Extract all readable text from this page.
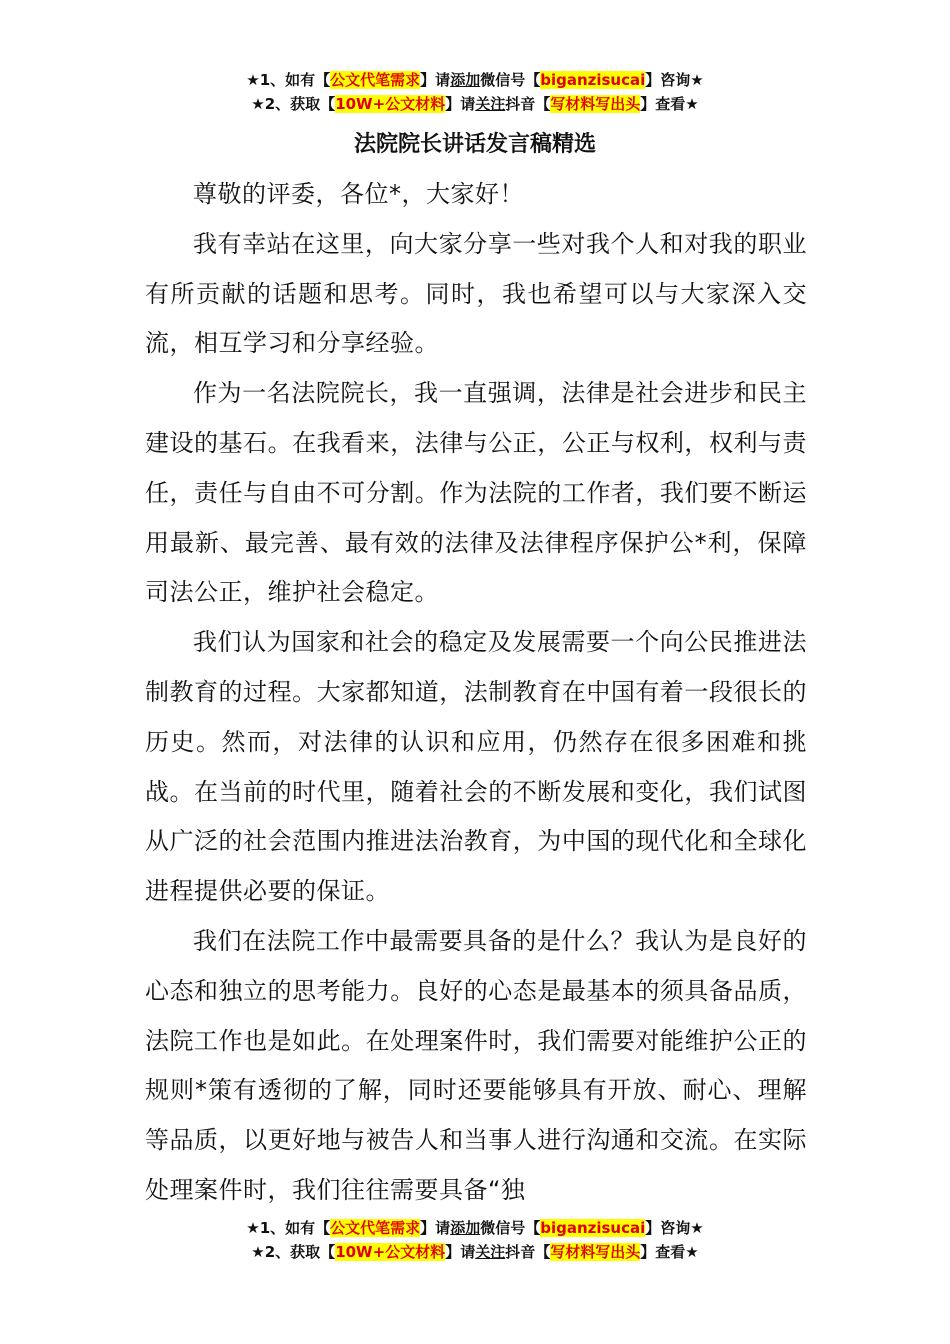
★1、如有【公文代笔需求】请添加微信号【biganzisucai】咨询★
★2、获取【10W+公文材料】请关注抖音【写材料写出头】查看★
法院院长讲话发言稿精选

尊敬的评委，各位*，大家好！

我有幸站在这里，向大家分享一些对我个人和对我的职业有所贡献的话题和思考。同时，我也希望可以与大家深入交流，相互学习和分享经验。

作为一名法院院长，我一直强调，法律是社会进步和民主建设的基石。在我看来，法律与公正，公正与权利，权利与责任，责任与自由不可分割。作为法院的工作者，我们要不断运用最新、最完善、最有效的法律及法律程序保护公*利，保障司法公正，维护社会稳定。

我们认为国家和社会的稳定及发展需要一个向公民推进法制教育的过程。大家都知道，法制教育在中国有着一段很长的历史。然而，对法律的认识和应用，仍然存在很多困难和挑战。在当前的时代里，随着社会的不断发展和变化，我们试图从广泛的社会范围内推进法治教育，为中国的现代化和全球化进程提供必要的保证。

我们在法院工作中最需要具备的是什么？我认为是良好的心态和独立的思考能力。良好的心态是最基本的须具备品质，法院工作也是如此。在处理案件时，我们需要对能维护公正的规则*策有透彻的了解，同时还要能够具有开放、耐心、理解等品质，以更好地与被告人和当事人进行沟通和交流。在实际处理案件时，我们往往需要具备“独

★1、如有【公文代笔需求】请添加微信号【biganzisucai】咨询★
★2、获取【10W+公文材料】请关注抖音【写材料写出头】查看★
